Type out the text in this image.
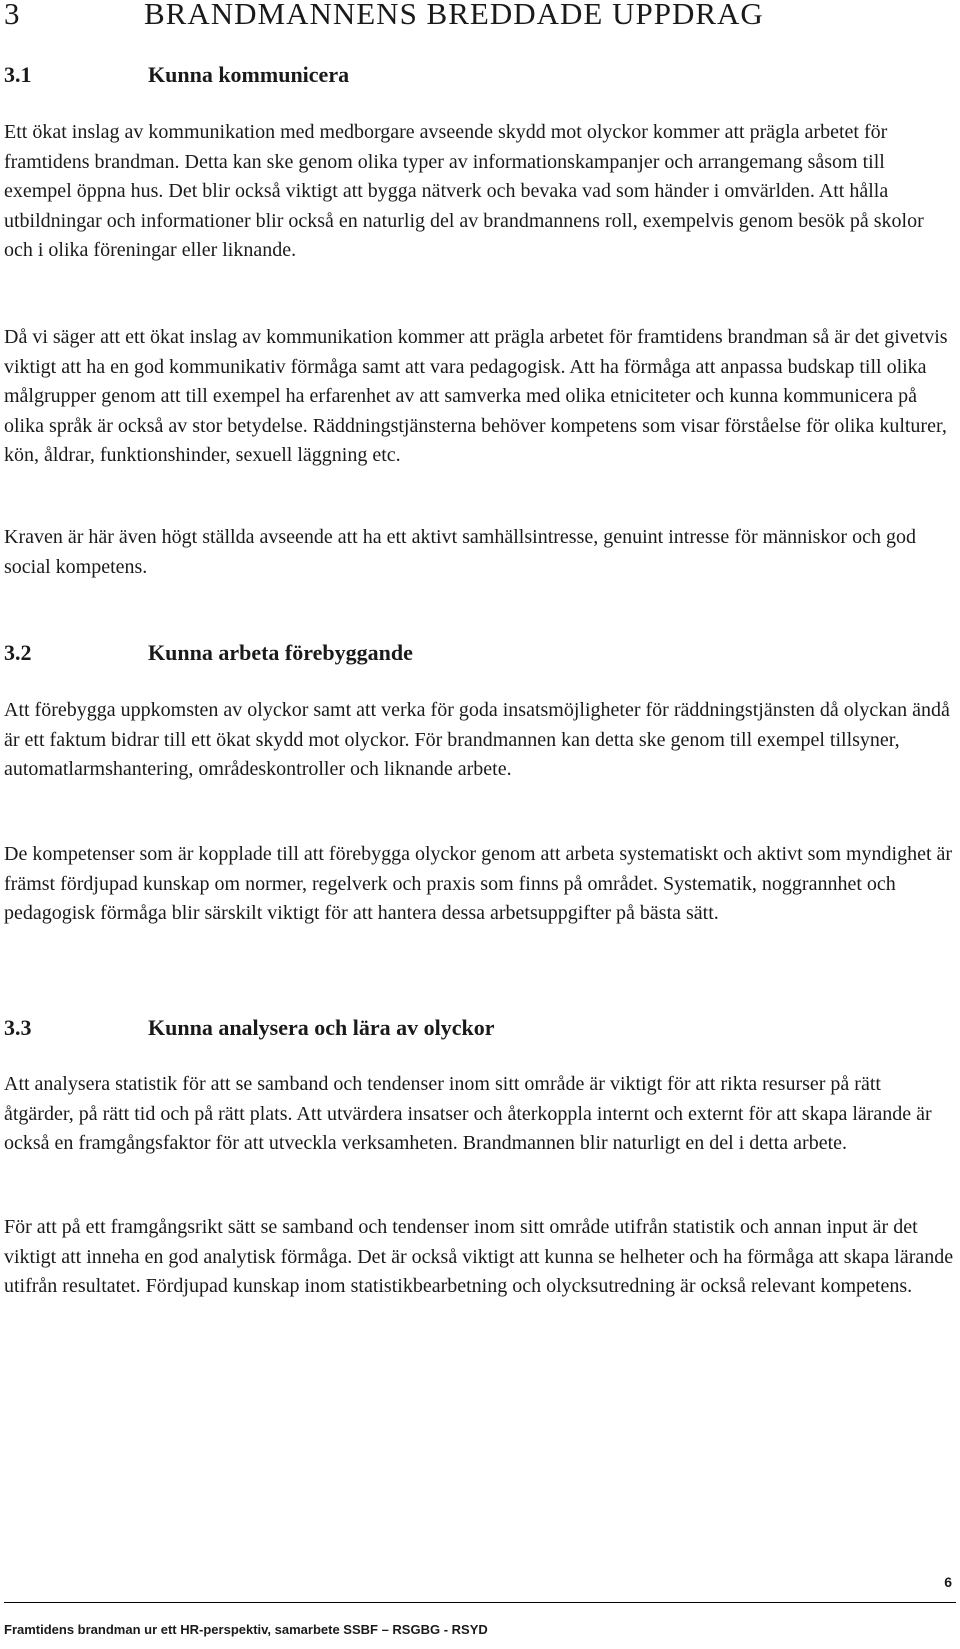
3	BRANDMANNENS BREDDADE UPPDRAG
3.1	Kunna kommunicera

Ett ökat inslag av kommunikation med medborgare avseende skydd mot olyckor kommer att prägla arbetet för framtidens brandman. Detta kan ske genom olika typer av informationskampanjer och arrangemang såsom till exempel öppna hus. Det blir också viktigt att bygga nätverk och bevaka vad som händer i omvärlden. Att hålla utbildningar och informationer blir också en naturlig del av brandmannens roll, exempelvis genom besök på skolor och i olika föreningar eller liknande.

Då vi säger att ett ökat inslag av kommunikation kommer att prägla arbetet för framtidens brandman så är det givetvis viktigt att ha en god kommunikativ förmåga samt att vara pedagogisk. Att ha förmåga att anpassa budskap till olika målgrupper genom att till exempel ha erfarenhet av att samverka med olika etniciteter och kunna kommunicera på olika språk är också av stor betydelse. Räddningstjänsterna behöver kompetens som visar förståelse för olika kulturer, kön, åldrar, funktionshinder, sexuell läggning etc.

Kraven är här även högt ställda avseende att ha ett aktivt samhällsintresse, genuint intresse för människor och god social kompetens.

3.2	Kunna arbeta förebyggande

Att förebygga uppkomsten av olyckor samt att verka för goda insatsmöjligheter för räddningstjänsten då olyckan ändå är ett faktum bidrar till ett ökat skydd mot olyckor. För brandmannen kan detta ske genom till exempel tillsyner, automatlarmshantering, områdeskontroller och liknande arbete.

De kompetenser som är kopplade till att förebygga olyckor genom att arbeta systematiskt och aktivt som myndighet är främst fördjupad kunskap om normer, regelverk och praxis som finns på området. Systematik, noggrannhet och pedagogisk förmåga blir särskilt viktigt för att hantera dessa arbetsuppgifter på bästa sätt.

3.3	Kunna analysera och lära av olyckor

Att analysera statistik för att se samband och tendenser inom sitt område är viktigt för att rikta resurser på rätt åtgärder, på rätt tid och på rätt plats. Att utvärdera insatser och återkoppla internt och externt för att skapa lärande är också en framgångsfaktor för att utveckla verksamheten. Brandmannen blir naturligt en del i detta arbete.

För att på ett framgångsrikt sätt se samband och tendenser inom sitt område utifrån statistik och annan input är det viktigt att inneha en god analytisk förmåga. Det är också viktigt att kunna se helheter och ha förmåga att skapa lärande utifrån resultatet. Fördjupad kunskap inom statistikbearbetning och olycksutredning är också relevant kompetens.

6
Framtidens brandman ur ett HR-perspektiv, samarbete SSBF – RSGBG - RSYD
